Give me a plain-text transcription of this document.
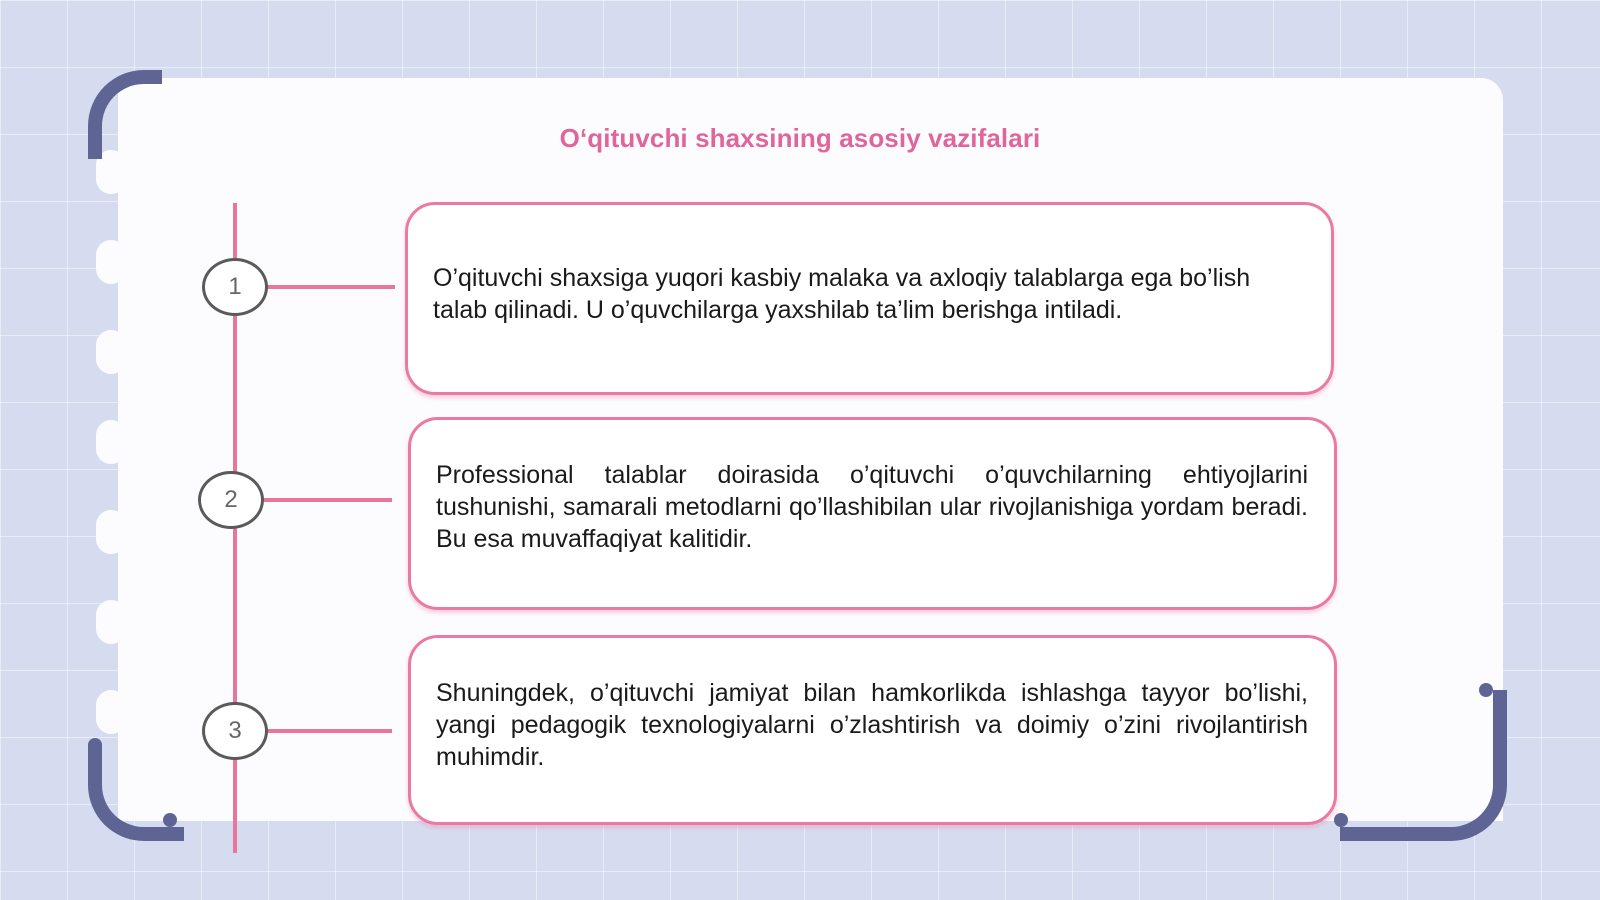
O‘qituvchi shaxsining asosiy vazifalari
1	O’qituvchi shaxsiga yuqori kasbiy malaka va axloqiy talablarga ega bo’lish talab qilinadi. U o’quvchilarga yaxshilab ta’lim berishga intiladi.

2

Professional talablar doirasida o’qituvchi o’quvchilarning ehtiyojlarini tushunishi, samarali metodlarni qo’llashibilan ular rivojlanishiga yordam beradi. Bu esa muvaffaqiyat kalitidir.

3

Shuningdek, o’qituvchi jamiyat bilan hamkorlikda ishlashga tayyor bo’lishi, yangi pedagogik texnologiyalarni o’zlashtirish va doimiy o’zini rivojlantirish muhimdir.
